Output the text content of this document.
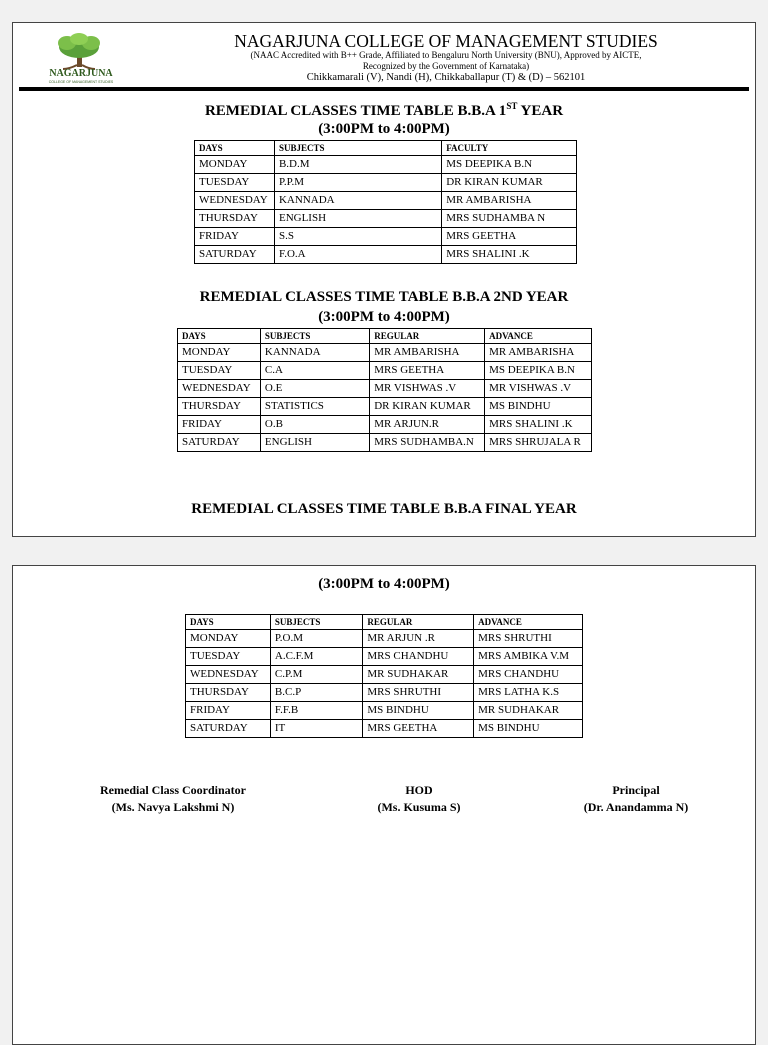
NAGARJUNA
COLLEGE OF MANAGEMENT STUDIES
NAGARJUNA COLLEGE OF MANAGEMENT STUDIES
(NAAC Accredited with B++ Grade, Affiliated to Bengaluru North University (BNU), Approved by AICTE,
Recognized by the Government of Karnataka)
Chikkamarali (V), Nandi (H), Chikkaballapur (T) & (D) – 562101
REMEDIAL CLASSES TIME TABLE B.B.A 1ST YEAR
(3:00PM to 4:00PM)
DAYS	SUBJECTS	FACULTY
MONDAY	B.D.M	MS DEEPIKA B.N
TUESDAY	P.P.M	DR KIRAN KUMAR
WEDNESDAY	KANNADA	MR AMBARISHA
THURSDAY	ENGLISH	MRS SUDHAMBA N
FRIDAY	S.S	MRS GEETHA
SATURDAY	F.O.A	MRS SHALINI .K
REMEDIAL CLASSES TIME TABLE B.B.A 2ND YEAR
(3:00PM to 4:00PM)
DAYS	SUBJECTS	REGULAR	ADVANCE
MONDAY	KANNADA	MR AMBARISHA	MR AMBARISHA
TUESDAY	C.A	MRS GEETHA	MS DEEPIKA B.N
WEDNESDAY	O.E	MR VISHWAS .V	MR VISHWAS .V
THURSDAY	STATISTICS	DR KIRAN KUMAR	MS BINDHU
FRIDAY	O.B	MR ARJUN.R	MRS SHALINI .K
SATURDAY	ENGLISH	MRS SUDHAMBA.N	MRS SHRUJALA R
REMEDIAL CLASSES TIME TABLE B.B.A FINAL YEAR
(3:00PM to 4:00PM)
DAYS	SUBJECTS	REGULAR	ADVANCE
MONDAY	P.O.M	MR ARJUN .R	MRS SHRUTHI
TUESDAY	A.C.F.M	MRS CHANDHU	MRS AMBIKA V.M
WEDNESDAY	C.P.M	MR SUDHAKAR	MRS CHANDHU
THURSDAY	B.C.P	MRS SHRUTHI	MRS LATHA K.S
FRIDAY	F.F.B	MS BINDHU	MR SUDHAKAR
SATURDAY	IT	MRS GEETHA	MS BINDHU
Remedial Class Coordinator
(Ms. Navya Lakshmi N)
HOD
(Ms. Kusuma S)
Principal
(Dr. Anandamma N)
